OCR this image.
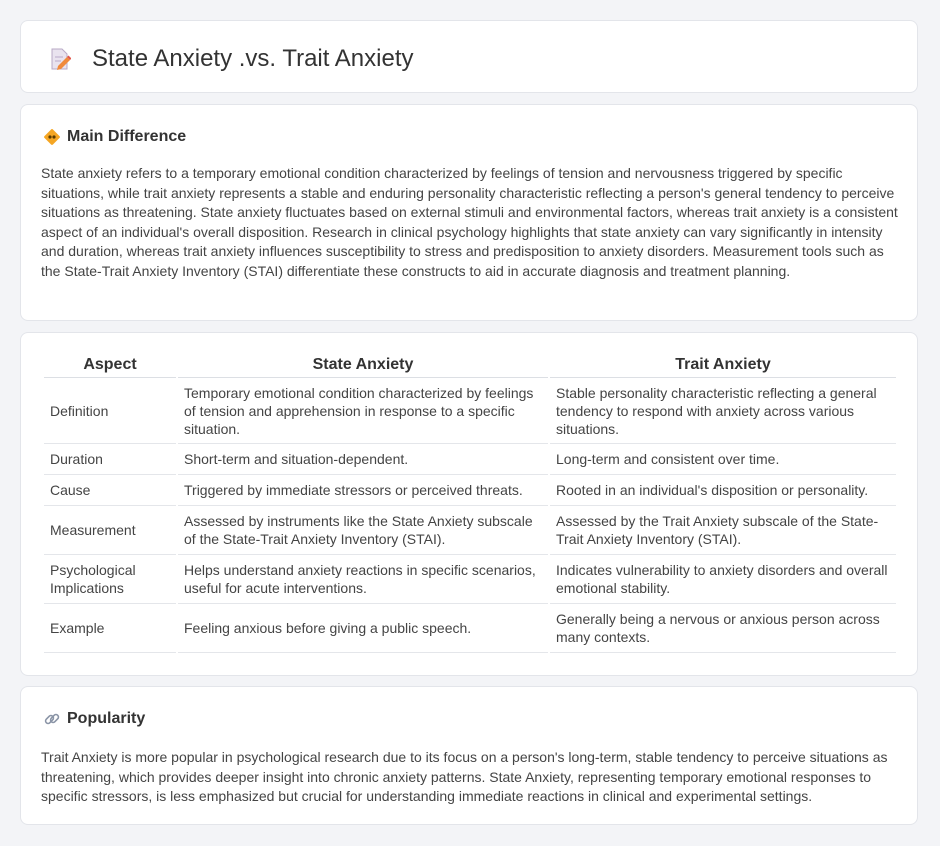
State Anxiety .vs. Trait Anxiety
Main Difference

State anxiety refers to a temporary emotional condition characterized by feelings of tension and nervousness triggered by specific situations, while trait anxiety represents a stable and enduring personality characteristic reflecting a person's general tendency to perceive situations as threatening. State anxiety fluctuates based on external stimuli and environmental factors, whereas trait anxiety is a consistent aspect of an individual's overall disposition. Research in clinical psychology highlights that state anxiety can vary significantly in intensity and duration, whereas trait anxiety influences susceptibility to stress and predisposition to anxiety disorders. Measurement tools such as the State-Trait Anxiety Inventory (STAI) differentiate these constructs to aid in accurate diagnosis and treatment planning.

Aspect	State Anxiety	Trait Anxiety
Definition	Temporary emotional condition characterized by feelings of tension and apprehension in response to a specific situation.	Stable personality characteristic reflecting a general tendency to respond with anxiety across various situations.
Duration	Short-term and situation-dependent.	Long-term and consistent over time.
Cause	Triggered by immediate stressors or perceived threats.	Rooted in an individual's disposition or personality.
Measurement	Assessed by instruments like the State Anxiety subscale of the State-Trait Anxiety Inventory (STAI).	Assessed by the Trait Anxiety subscale of the State-Trait Anxiety Inventory (STAI).
Psychological Implications	Helps understand anxiety reactions in specific scenarios, useful for acute interventions.	Indicates vulnerability to anxiety disorders and overall emotional stability.
Example	Feeling anxious before giving a public speech.	Generally being a nervous or anxious person across many contexts.
Popularity

Trait Anxiety is more popular in psychological research due to its focus on a person's long-term, stable tendency to perceive situations as threatening, which provides deeper insight into chronic anxiety patterns. State Anxiety, representing temporary emotional responses to specific stressors, is less emphasized but crucial for understanding immediate reactions in clinical and experimental settings.
